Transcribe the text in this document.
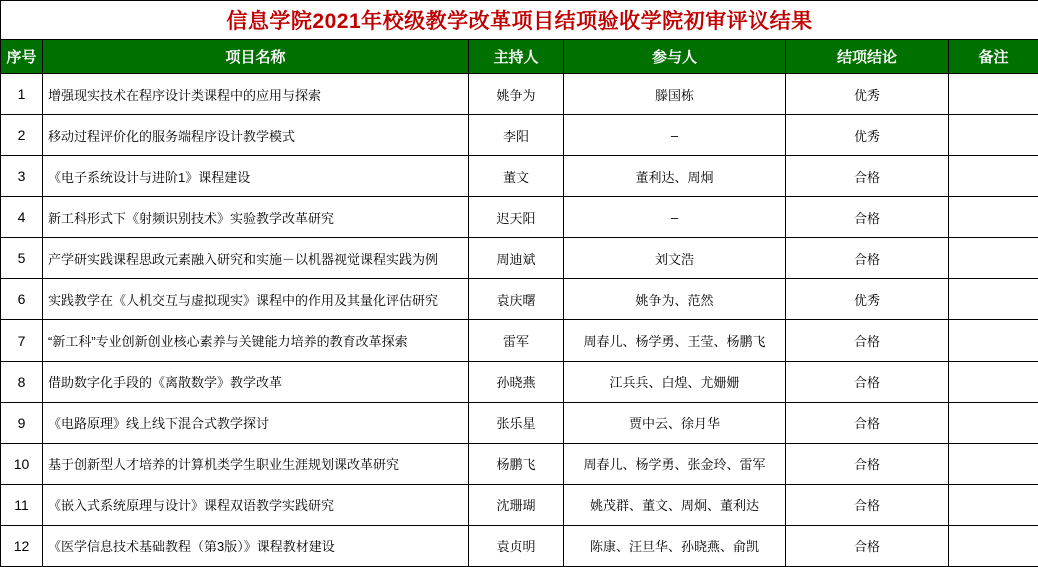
信息学院2021年校级教学改革项目结项验收学院初审评议结果					
序号	项目名称	主持人	参与人	结项结论	备注
1	增强现实技术在程序设计类课程中的应用与探索	姚争为	滕国栋	优秀	
2	移动过程评价化的服务端程序设计教学模式	李阳	–	优秀	
3	《电子系统设计与进阶1》课程建设	董文	董利达、周炯	合格	
4	新工科形式下《射频识别技术》实验教学改革研究	迟天阳	–	合格	
5	产学研实践课程思政元素融入研究和实施－以机器视觉课程实践为例	周迪斌	刘文浩	合格	
6	实践教学在《人机交互与虚拟现实》课程中的作用及其量化评估研究	袁庆曙	姚争为、范然	优秀	
7	“新工科”专业创新创业核心素养与关键能力培养的教育改革探索	雷军	周春儿、杨学勇、王莹、杨鹏飞	合格	
8	借助数字化手段的《离散数学》教学改革	孙晓燕	江兵兵、白煌、尤姗姗	合格	
9	《电路原理》线上线下混合式教学探讨	张乐星	贾中云、徐月华	合格	
10	基于创新型人才培养的计算机类学生职业生涯规划课改革研究	杨鹏飞	周春儿、杨学勇、张金玲、雷军	合格	
11	《嵌入式系统原理与设计》课程双语教学实践研究	沈珊瑚	姚茂群、董文、周炯、董利达	合格	
12	《医学信息技术基础教程（第3版）》课程教材建设	袁贞明	陈康、汪旦华、孙晓燕、俞凯	合格	
